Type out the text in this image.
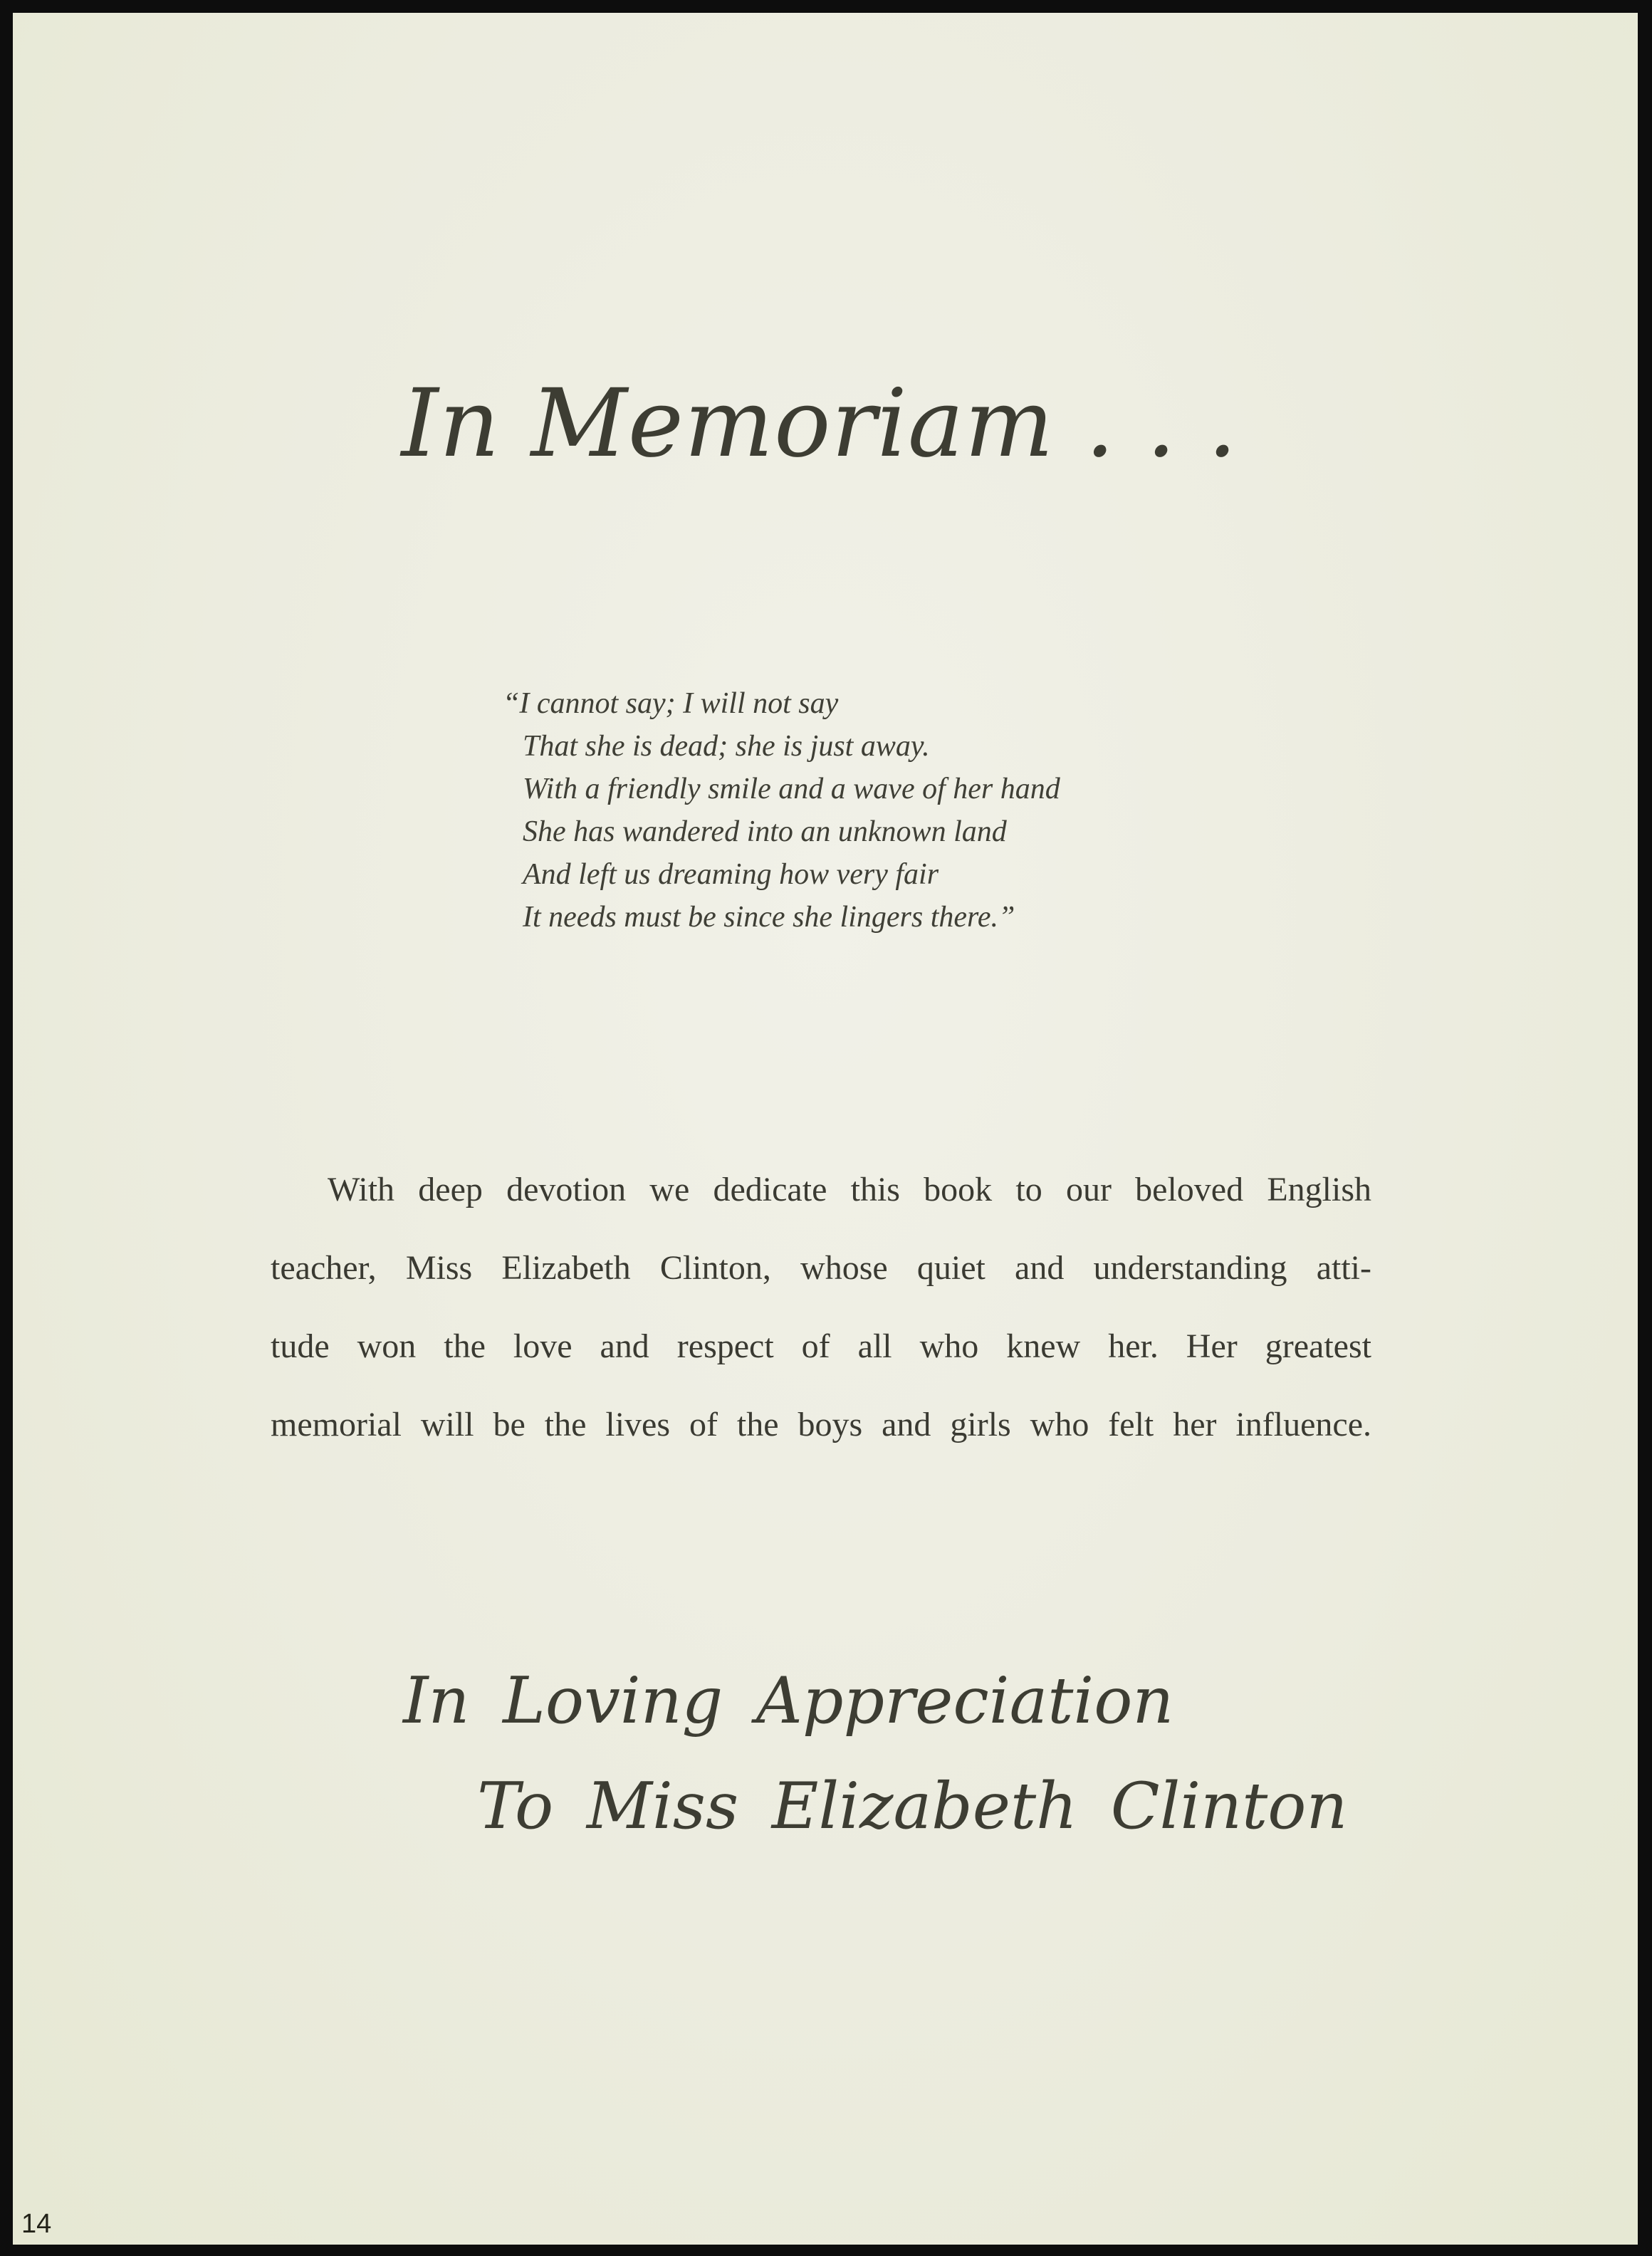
In Memoriam . . .
“I cannot say; I will not say
That she is dead; she is just away.
With a friendly smile and a wave of her hand
She has wandered into an unknown land
And left us dreaming how very fair
It needs must be since she lingers there.”
With deep devotion we dedicate this book to our beloved English
teacher, Miss Elizabeth Clinton, whose quiet and understanding atti-
tude won the love and respect of all who knew her. Her greatest
memorial will be the lives of the boys and girls who felt her influence.
In Loving Appreciation
To Miss Elizabeth Clinton
14
